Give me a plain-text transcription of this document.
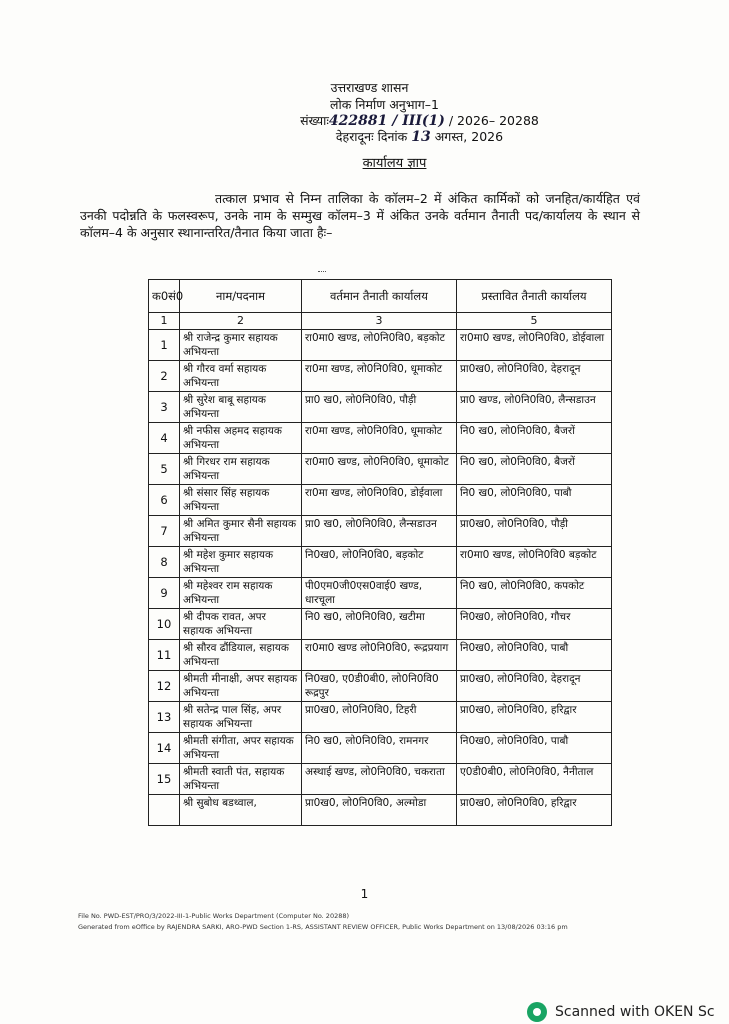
उत्तराखण्ड शासन
लोक निर्माण अनुभाग–1
संख्याः422881 / III(1) / 2026– 20288
देहरादूनः दिनांक 13 अगस्त, 2026
कार्यालय ज्ञाप
तत्काल प्रभाव से निम्न तालिका के कॉलम–2 में अंकित कार्मिकों को जनहित/कार्यहित एवं उनकी पदोन्नति के फलस्वरूप, उनके नाम के सम्मुख कॉलम–3 में अंकित उनके वर्तमान तैनाती पद/कार्यालय के स्थान से कॉलम–4 के अनुसार स्थानान्तरित/तैनात किया जाता हैः–
क0सं0	नाम/पदनाम	वर्तमान तैनाती कार्यालय	प्रस्तावित तैनाती कार्यालय
1	2	3	5
1	श्री राजेन्द्र कुमार सहायक अभियन्ता	रा0मा0 खण्ड, लो0नि0वि0, बड़कोट	रा0मा0 खण्ड, लो0नि0वि0, डोईवाला
2	श्री गौरव वर्मा सहायक अभियन्ता	रा0मा खण्ड, लो0नि0वि0, धूमाकोट	प्रा0ख0, लो0नि0वि0, देहरादून
3	श्री सुरेश बाबू सहायक अभियन्ता	प्रा0 ख0, लो0नि0वि0, पौड़ी	प्रा0 खण्ड, लो0नि0वि0, लैन्सडाउन
4	श्री नफीस अहमद सहायक अभियन्ता	रा0मा खण्ड, लो0नि0वि0, धूमाकोट	नि0 ख0, लो0नि0वि0, बैजरों
5	श्री गिरधर राम सहायक अभियन्ता	रा0मा0 खण्ड, लो0नि0वि0, धूमाकोट	नि0 ख0, लो0नि0वि0, बैजरों
6	श्री संसार सिंह सहायक अभियन्ता	रा0मा खण्ड, लो0नि0वि0, डोईवाला	नि0 ख0, लो0नि0वि0, पाबौ
7	श्री अमित कुमार सैनी सहायक अभियन्ता	प्रा0 ख0, लो0नि0वि0, लैन्सडाउन	प्रा0ख0, लो0नि0वि0, पौड़ी
8	श्री महेश कुमार सहायक अभियन्ता	नि0ख0, लो0नि0वि0, बड़कोट	रा0मा0 खण्ड, लो0नि0वि0 बड़कोट
9	श्री महेश्वर राम सहायक अभियन्ता	पी0एम0जी0एस0वाई0 खण्ड, धारचूला	नि0 ख0, लो0नि0वि0, कपकोट
10	श्री दीपक रावत, अपर सहायक अभियन्ता	नि0 ख0, लो0नि0वि0, खटीमा	नि0ख0, लो0नि0वि0, गौचर
11	श्री सौरव ढौंडियाल, सहायक अभियन्ता	रा0मा0 खण्ड लो0नि0वि0, रूद्रप्रयाग	नि0ख0, लो0नि0वि0, पाबौ
12	श्रीमती मीनाक्षी, अपर सहायक अभियन्ता	नि0ख0, ए0डी0बी0, लो0नि0वि0 रूद्रपुर	प्रा0ख0, लो0नि0वि0, देहरादून
13	श्री सतेन्द्र पाल सिंह, अपर सहायक अभियन्ता	प्रा0ख0, लो0नि0वि0, टिहरी	प्रा0ख0, लो0नि0वि0, हरिद्वार
14	श्रीमती संगीता, अपर सहायक अभियन्ता	नि0 ख0, लो0नि0वि0, रामनगर	नि0ख0, लो0नि0वि0, पाबौ
15	श्रीमती स्वाती पंत, सहायक अभियन्ता	अस्थाई खण्ड, लो0नि0वि0, चकराता	ए0डी0बी0, लो0नि0वि0, नैनीताल
	श्री सुबोध बडथ्वाल,	प्रा0ख0, लो0नि0वि0, अल्मोडा	प्रा0ख0, लो0नि0वि0, हरिद्वार
1
File No. PWD-EST/PRO/3/2022-III-1-Public Works Department (Computer No. 20288)
Generated from eOffice by RAJENDRA SARKI, ARO-PWD Section 1-RS, ASSISTANT REVIEW OFFICER, Public Works Department on 13/08/2026 03:16 pm
Scanned with OKEN Sc
